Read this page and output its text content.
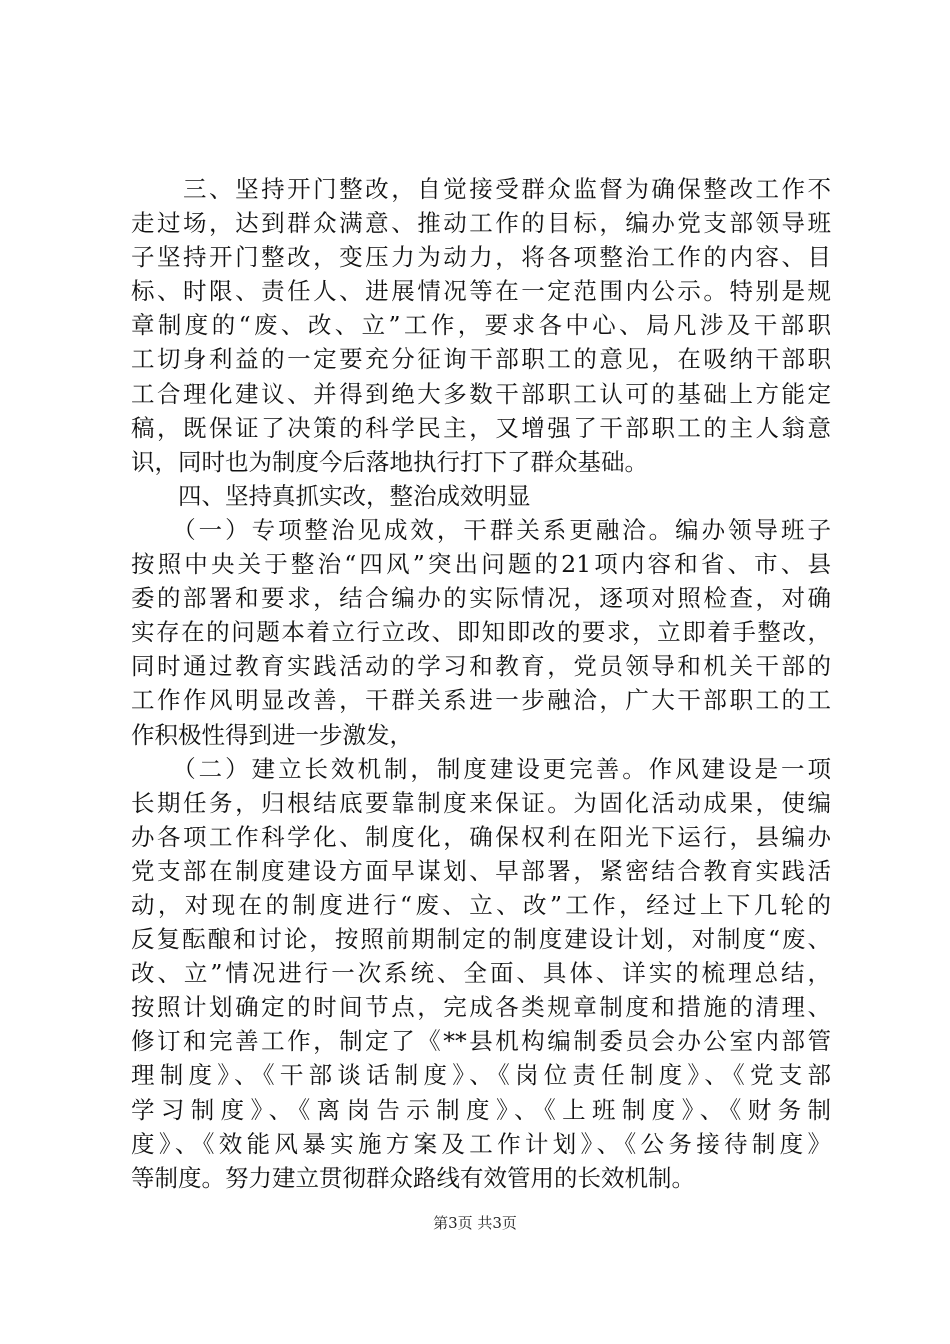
　　三、坚持开门整改，自觉接受群众监督为确保整改工作不
走过场，达到群众满意、推动工作的目标，编办党支部领导班
子坚持开门整改，变压力为动力，将各项整治工作的内容、目
标、时限、责任人、进展情况等在一定范围内公示。特别是规
章制度的“废、改、立”工作，要求各中心、局凡涉及干部职
工切身利益的一定要充分征询干部职工的意见，在吸纳干部职
工合理化建议、并得到绝大多数干部职工认可的基础上方能定
稿，既保证了决策的科学民主，又增强了干部职工的主人翁意
识，同时也为制度今后落地执行打下了群众基础。
　　四、坚持真抓实改，整治成效明显
　　（一）专项整治见成效，干群关系更融洽。编办领导班子
按照中央关于整治“四风”突出问题的21项内容和省、市、县
委的部署和要求，结合编办的实际情况，逐项对照检查，对确
实存在的问题本着立行立改、即知即改的要求，立即着手整改，
同时通过教育实践活动的学习和教育，党员领导和机关干部的
工作作风明显改善，干群关系进一步融洽，广大干部职工的工
作积极性得到进一步激发，
　　（二）建立长效机制，制度建设更完善。作风建设是一项
长期任务，归根结底要靠制度来保证。为固化活动成果，使编
办各项工作科学化、制度化，确保权利在阳光下运行，县编办
党支部在制度建设方面早谋划、早部署，紧密结合教育实践活
动，对现在的制度进行“废、立、改”工作，经过上下几轮的
反复酝酿和讨论，按照前期制定的制度建设计划，对制度“废、
改、立”情况进行一次系统、全面、具体、详实的梳理总结，
按照计划确定的时间节点，完成各类规章制度和措施的清理、
修订和完善工作，制定了《**县机构编制委员会办公室内部管
理制度》、《干部谈话制度》、《岗位责任制度》、《党支部
学习制度》、《离岗告示制度》、《上班制度》、《财务制
度》、《效能风暴实施方案及工作计划》、《公务接待制度》
等制度。努力建立贯彻群众路线有效管用的长效机制。
第3页 共3页
